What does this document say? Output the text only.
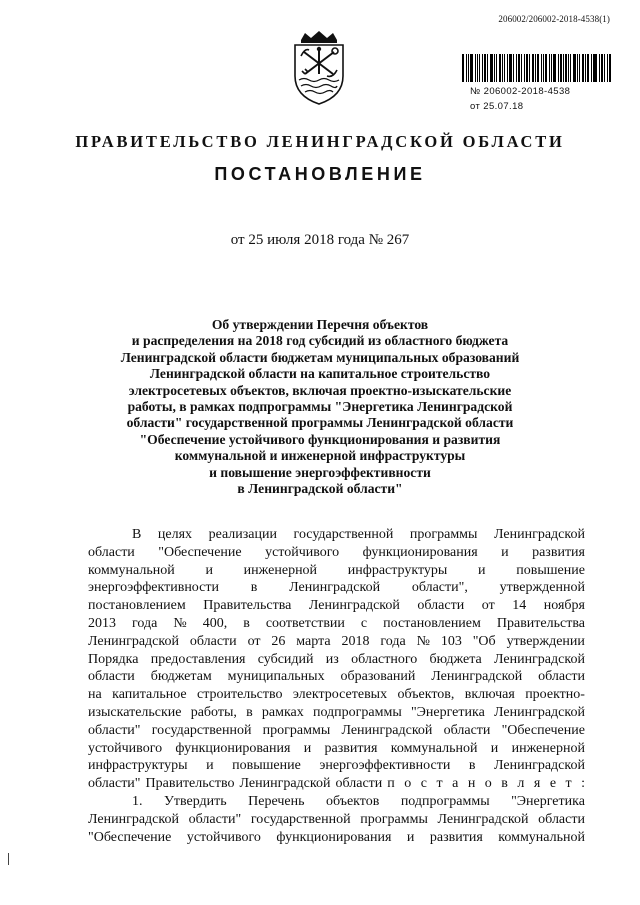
206002/206002-2018-4538(1)
№ 206002-2018-4538
от 25.07.18
ПРАВИТЕЛЬСТВО ЛЕНИНГРАДСКОЙ ОБЛАСТИ
ПОСТАНОВЛЕНИЕ
от 25 июля 2018 года № 267
Об утверждении Перечня объектов
и распределения на 2018 год субсидий из областного бюджета
Ленинградской области бюджетам муниципальных образований
Ленинградской области на капитальное строительство
электросетевых объектов, включая проектно-изыскательские
работы, в рамках подпрограммы "Энергетика Ленинградской
области" государственной программы Ленинградской области
"Обеспечение устойчивого функционирования и развития
коммунальной и инженерной инфраструктуры
и повышение энергоэффективности
в Ленинградской области"
В целях реализации государственной программы Ленинградской
области "Обеспечение устойчивого функционирования и развития
коммунальной и инженерной инфраструктуры и повышение
энергоэффективности в Ленинградской области", утвержденной
постановлением Правительства Ленинградской области от 14 ноября
2013 года № 400, в соответствии с постановлением Правительства
Ленинградской области от 26 марта 2018 года № 103 "Об утверждении
Порядка предоставления субсидий из областного бюджета Ленинградской
области бюджетам муниципальных образований Ленинградской области
на капитальное строительство электросетевых объектов, включая проектно-
изыскательские работы, в рамках подпрограммы "Энергетика Ленинградской
области" государственной программы Ленинградской области "Обеспечение
устойчивого функционирования и развития коммунальной и инженерной
инфраструктуры и повышение энергоэффективности в Ленинградской
области" Правительство Ленинградской области п о с т а н о в л я е т :
1. Утвердить Перечень объектов подпрограммы "Энергетика
Ленинградской области" государственной программы Ленинградской области
"Обеспечение устойчивого функционирования и развития коммунальной
